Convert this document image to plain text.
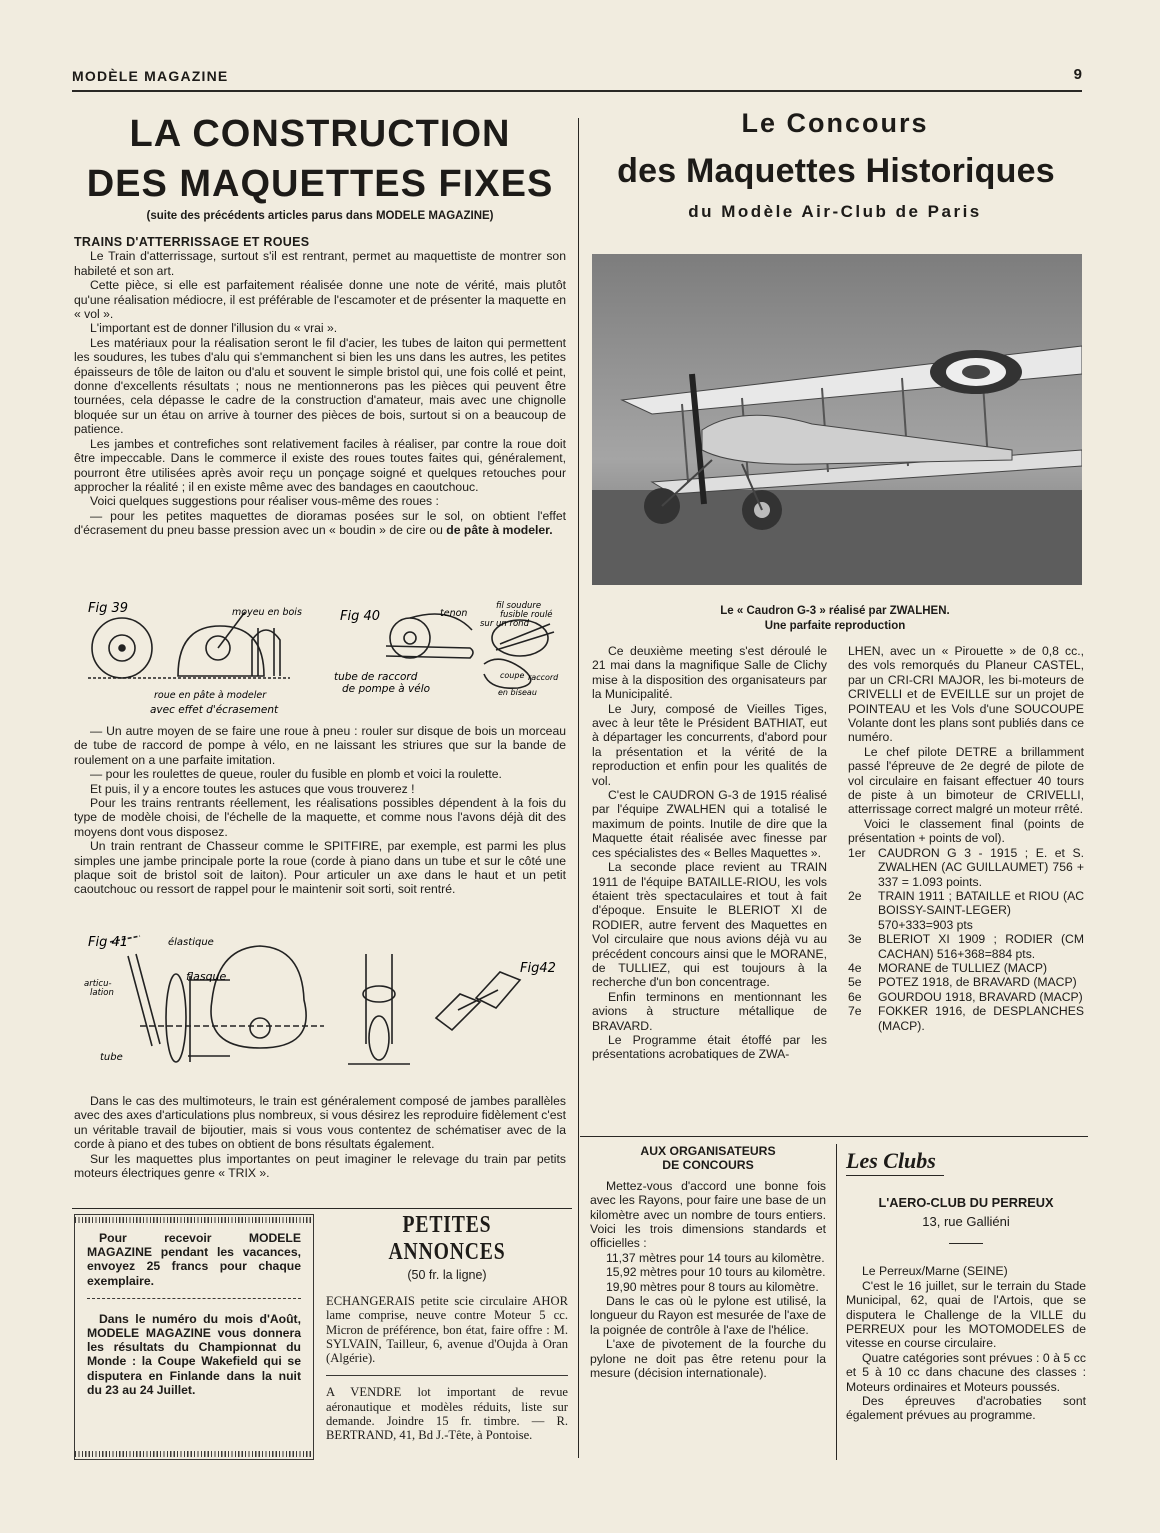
MODÈLE MAGAZINE	9
LA CONSTRUCTION
DES MAQUETTES FIXES
(suite des précédents articles parus dans MODELE MAGAZINE)
TRAINS D'ATTERRISSAGE ET ROUES

Le Train d'atterrissage, surtout s'il est rentrant, permet au maquettiste de montrer son habileté et son art.

Cette pièce, si elle est parfaitement réalisée donne une note de vérité, mais plutôt qu'une réalisation médiocre, il est préférable de l'escamoter et de présenter la maquette en « vol ».

L'important est de donner l'illusion du « vrai ».

Les matériaux pour la réalisation seront le fil d'acier, les tubes de laiton qui permettent les soudures, les tubes d'alu qui s'emmanchent si bien les uns dans les autres, les petites épaisseurs de tôle de laiton ou d'alu et souvent le simple bristol qui, une fois collé et peint, donne d'excellents résultats ; nous ne mentionnerons pas les pièces qui peuvent être tournées, cela dépasse le cadre de la construction d'amateur, mais avec une chignolle bloquée sur un étau on arrive à tourner des pièces de bois, surtout si on a beaucoup de patience.

Les jambes et contrefiches sont relativement faciles à réaliser, par contre la roue doit être impeccable. Dans le commerce il existe des roues toutes faites qui, généralement, pourront être utilisées après avoir reçu un ponçage soigné et quelques retouches pour approcher la réalité ; il en existe même avec des bandages en caoutchouc.

Voici quelques suggestions pour réaliser vous-même des roues :

— pour les petites maquettes de dioramas posées sur le sol, on obtient l'effet d'écrasement du pneu basse pression avec un « boudin » de cire ou de pâte à modeler.

Fig 39	moyeu en bois
roue en pâte à modeler
avec effet d'écrasement
Fig 40	tenon
fil soudure
fusible roulé
sur un rond
tube de raccord
de pompe à vélo
coupe
en biseau
raccord

— Un autre moyen de se faire une roue à pneu : rouler sur disque de bois un morceau de tube de raccord de pompe à vélo, en ne laissant les striures que sur la bande de roulement on a une parfaite imitation.

— pour les roulettes de queue, rouler du fusible en plomb et voici la roulette.

Et puis, il y a encore toutes les astuces que vous trouverez !

Pour les trains rentrants réellement, les réalisations possibles dépendent à la fois du type de modèle choisi, de l'échelle de la maquette, et comme nous l'avons déjà dit des moyens dont vous disposez.

Un train rentrant de Chasseur comme le SPITFIRE, par exemple, est parmi les plus simples une jambe principale porte la roue (corde à piano dans un tube et sur le côté une plaque soit de bristol soit de laiton). Pour articuler un axe dans le haut et un petit caoutchouc ou ressort de rappel pour le maintenir soit sorti, soit rentré.

Fig 41	élastique
articu-
lation
flasque
tube
Fig42

Dans le cas des multimoteurs, le train est généralement composé de jambes parallèles avec des axes d'articulations plus nombreux, si vous désirez les reproduire fidèlement c'est un véritable travail de bijoutier, mais si vous vous contentez de schématiser avec de la corde à piano et des tubes on obtient de bons résultats également.

Sur les maquettes plus importantes on peut imaginer le relevage du train par petits moteurs électriques genre « TRIX ».

Le Concours
des Maquettes Historiques
du Modèle Air-Club de Paris
Le « Caudron G-3 » réalisé par ZWALHEN.
Une parfaite reproduction

Ce deuxième meeting s'est déroulé le 21 mai dans la magnifique Salle de Clichy mise à la disposition des organisateurs par la Municipalité.

Le Jury, composé de Vieilles Tiges, avec à leur tête le Président BATHIAT, eut à départager les concurrents, d'abord pour la présentation et la vérité de la reproduction et enfin pour les qualités de vol.

C'est le CAUDRON G-3 de 1915 réalisé par l'équipe ZWALHEN qui a totalisé le maximum de points. Inutile de dire que la Maquette était réalisée avec finesse par ces spécialistes des « Belles Maquettes ».

La seconde place revient au TRAIN 1911 de l'équipe BATAILLE-RIOU, les vols étaient très spectaculaires et tout à fait d'époque. Ensuite le BLERIOT XI de RODIER, autre fervent des Maquettes en Vol circulaire que nous avions déjà vu au précédent concours ainsi que le MORANE, de TULLIEZ, qui est toujours à la recherche d'un bon concentrage.

Enfin terminons en mentionnant les avions à structure métallique de BRAVARD.

Le Programme était étoffé par les présentations acrobatiques de ZWA-

LHEN, avec un « Pirouette » de 0,8 cc., des vols remorqués du Planeur CASTEL, par un CRI-CRI MAJOR, les bi-moteurs de CRIVELLI et de EVEILLE sur un projet de POINTEAU et les Vols d'une SOUCOUPE Volante dont les plans sont publiés dans ce numéro.

Le chef pilote DETRE a brillamment passé l'épreuve de 2e degré de pilote de vol circulaire en faisant effectuer 40 tours de piste à un bimoteur de CRIVELLI, atterrissage correct malgré un moteur rrêté.

Voici le classement final (points de présentation + points de vol).

1er	CAUDRON G 3 - 1915 ; E. et S. ZWALHEN (AC GUILLAUMET) 756 + 337 = 1.093 points.
2e	TRAIN 1911 ; BATAILLE et RIOU (AC BOISSY-SAINT-LEGER) 570+333=903 pts
3e	BLERIOT XI 1909 ; RODIER (CM CACHAN) 516+368=884 pts.
4e	MORANE de TULLIEZ (MACP)
5e	POTEZ 1918, de BRAVARD (MACP)
6e	GOURDOU 1918, BRAVARD (MACP)
7e	FOKKER 1916, de DESPLANCHES (MACP).

Pour recevoir MODELE MAGAZINE pendant les vacances, envoyez 25 francs pour chaque exemplaire.

Dans le numéro du mois d'Août, MODELE MAGAZINE vous donnera les résultats du Championnat du Monde : la Coupe Wakefield qui se disputera en Finlande dans la nuit du 23 au 24 Juillet.

PETITES ANNONCES
(50 fr. la ligne)

ECHANGERAIS petite scie circulaire AHOR lame comprise, neuve contre Moteur 5 cc. Micron de préférence, bon état, faire offre : M. SYLVAIN, Tailleur, 6, avenue d'Oujda à Oran (Algérie).

A VENDRE lot important de revue aéronautique et modèles réduits, liste sur demande. Joindre 15 fr. timbre. — R. BERTRAND, 41, Bd J.-Tête, à Pontoise.

AUX ORGANISATEURS
DE CONCOURS

Mettez-vous d'accord une bonne fois avec les Rayons, pour faire une base de un kilomètre avec un nombre de tours entiers. Voici les trois dimensions standards et officielles :

11,37 mètres pour 14 tours au kilomètre.

15,92 mètres pour 10 tours au kilomètre.

19,90 mètres pour 8 tours au kilomètre.

Dans le cas où le pylone est utilisé, la longueur du Rayon est mesurée de l'axe de la poignée de contrôle à l'axe de l'hélice.

L'axe de pivotement de la fourche du pylone ne doit pas être retenu pour la mesure (décision internationale).

Les Clubs
L'AERO-CLUB DU PERREUX
13, rue Galliéni

Le Perreux/Marne (SEINE)

C'est le 16 juillet, sur le terrain du Stade Municipal, 62, quai de l'Artois, que se disputera le Challenge de la VILLE du PERREUX pour les MOTOMODELES de vitesse en course circulaire.

Quatre catégories sont prévues : 0 à 5 cc et 5 à 10 cc dans chacune des classes : Moteurs ordinaires et Moteurs poussés.

Des épreuves d'acrobaties sont également prévues au programme.
